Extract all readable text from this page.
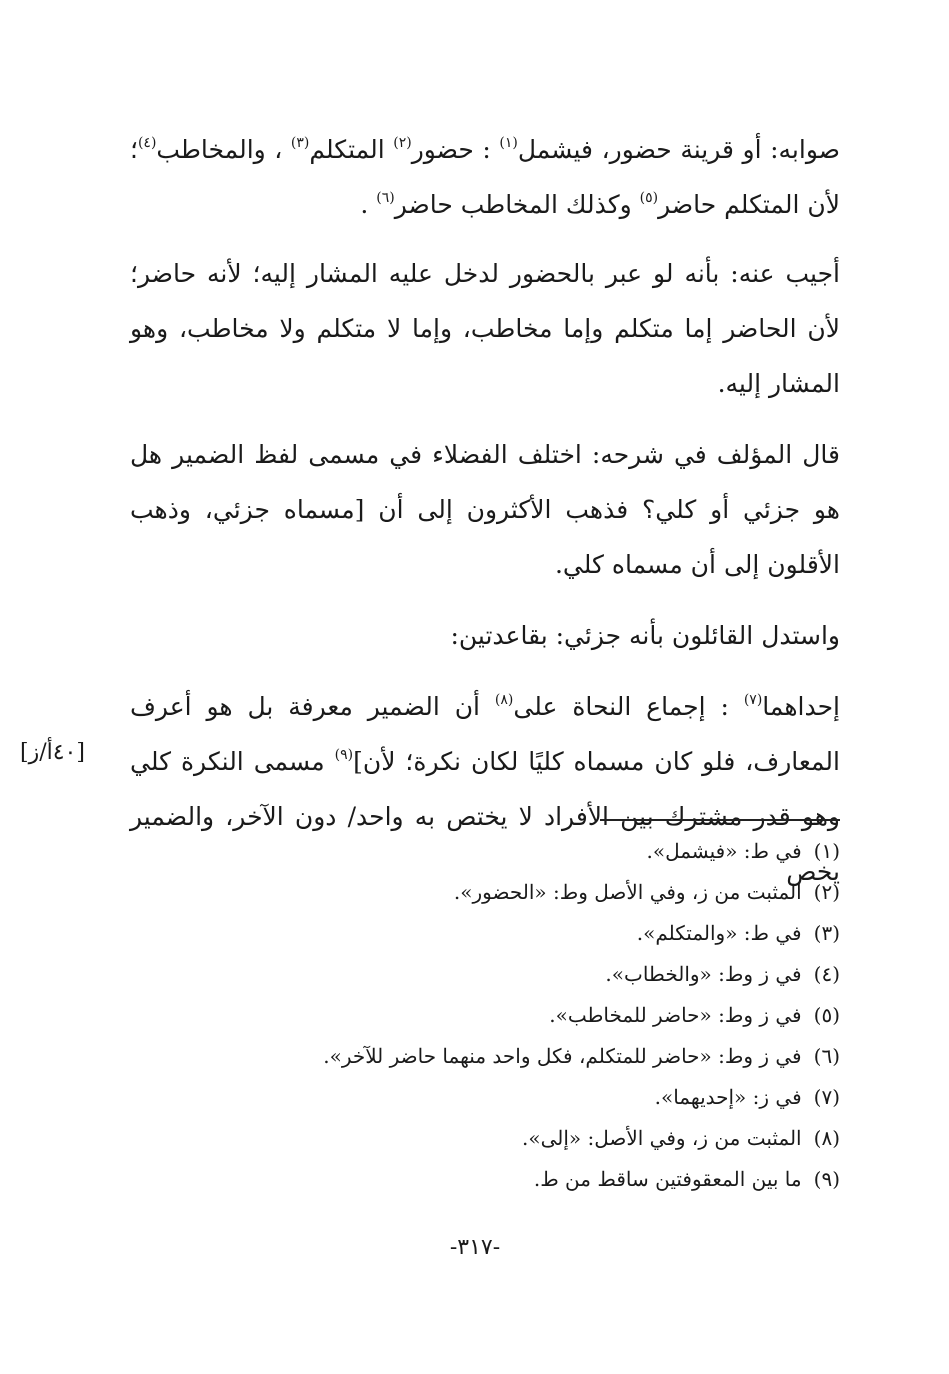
صوابه: أو قرينة حضور، فيشمل$^{(١)}$ : حضور$^{(٢)}$ المتكلم$^{(٣)}$ ، والمخاطب$^{(٤)}$؛ لأن المتكلم حاضر$^{(٥)}$ وكذلك المخاطب حاضر$^{(٦)}$ .

أجيب عنه: بأنه لو عبر بالحضور لدخل عليه المشار إليه؛ لأنه حاضر؛ لأن الحاضر إما متكلم وإما مخاطب، وإما لا متكلم ولا مخاطب، وهو المشار إليه.

قال المؤلف في شرحه: اختلف الفضلاء في مسمى لفظ الضمير هل هو جزئي أو كلي؟ فذهب الأكثرون إلى أن [مسماه جزئي، وذهب الأقلون إلى أن مسماه كلي.

واستدل القائلون بأنه جزئي: بقاعدتين:

إحداهما$^{(٧)}$ : إجماع النحاة على$^{(٨)}$ أن الضمير معرفة بل هو أعرف المعارف، فلو كان مسماه كليًا لكان نكرة؛ لأن]$^{(٩)}$ مسمى النكرة كلي وهو قدر مشترك بين الأفراد لا يختص به واحد/ دون الآخر، والضمير يخص

[٤٠أ/ز]
(١)في ط: «فيشمل».
(٢)المثبت من ز، وفي الأصل وط: «الحضور».
(٣)في ط: «والمتكلم».
(٤)في ز وط: «والخطاب».
(٥)في ز وط: «حاضر للمخاطب».
(٦)في ز وط: «حاضر للمتكلم، فكل واحد منهما حاضر للآخر».
(٧)في ز: «إحديهما».
(٨)المثبت من ز، وفي الأصل: «إلى».
(٩)ما بين المعقوفتين ساقط من ط.
-٣١٧-
